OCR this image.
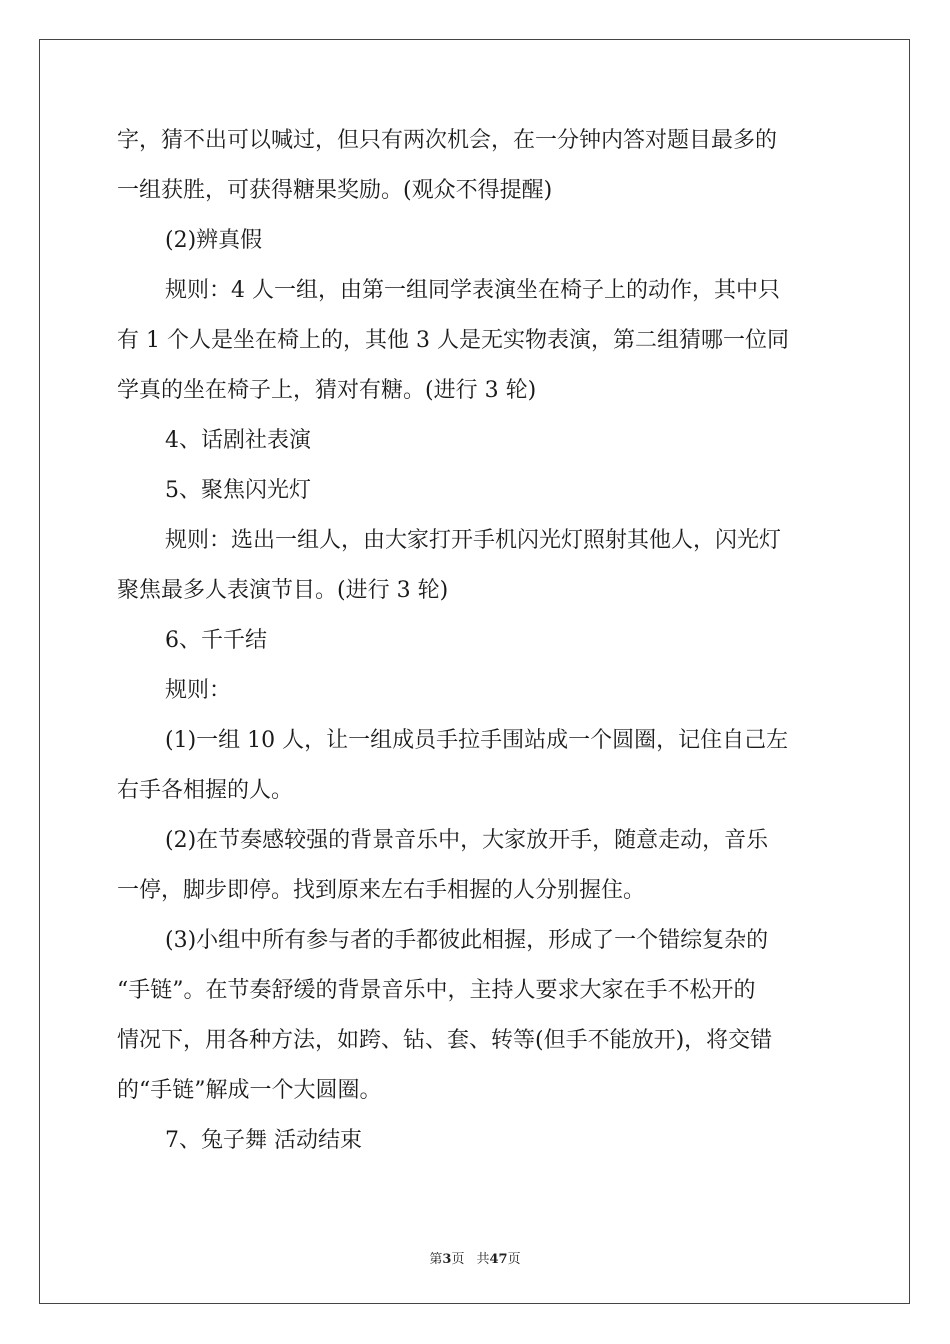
字，猜不出可以喊过，但只有两次机会，在一分钟内答对题目最多的
一组获胜，可获得糖果奖励。(观众不得提醒)
(2)辨真假
规则：4 人一组，由第一组同学表演坐在椅子上的动作，其中只
有 1 个人是坐在椅上的，其他 3 人是无实物表演，第二组猜哪一位同
学真的坐在椅子上，猜对有糖。(进行 3 轮)
4、话剧社表演
5、聚焦闪光灯
规则：选出一组人，由大家打开手机闪光灯照射其他人，闪光灯
聚焦最多人表演节目。(进行 3 轮)
6、千千结
规则：
(1)一组 10 人，让一组成员手拉手围站成一个圆圈，记住自己左
右手各相握的人。
(2)在节奏感较强的背景音乐中，大家放开手，随意走动，音乐
一停，脚步即停。找到原来左右手相握的人分别握住。
(3)小组中所有参与者的手都彼此相握，形成了一个错综复杂的
“手链”。在节奏舒缓的背景音乐中，主持人要求大家在手不松开的
情况下，用各种方法，如跨、钻、套、转等(但手不能放开)，将交错
的“手链”解成一个大圆圈。
7、兔子舞 活动结束
第3页 共47页
